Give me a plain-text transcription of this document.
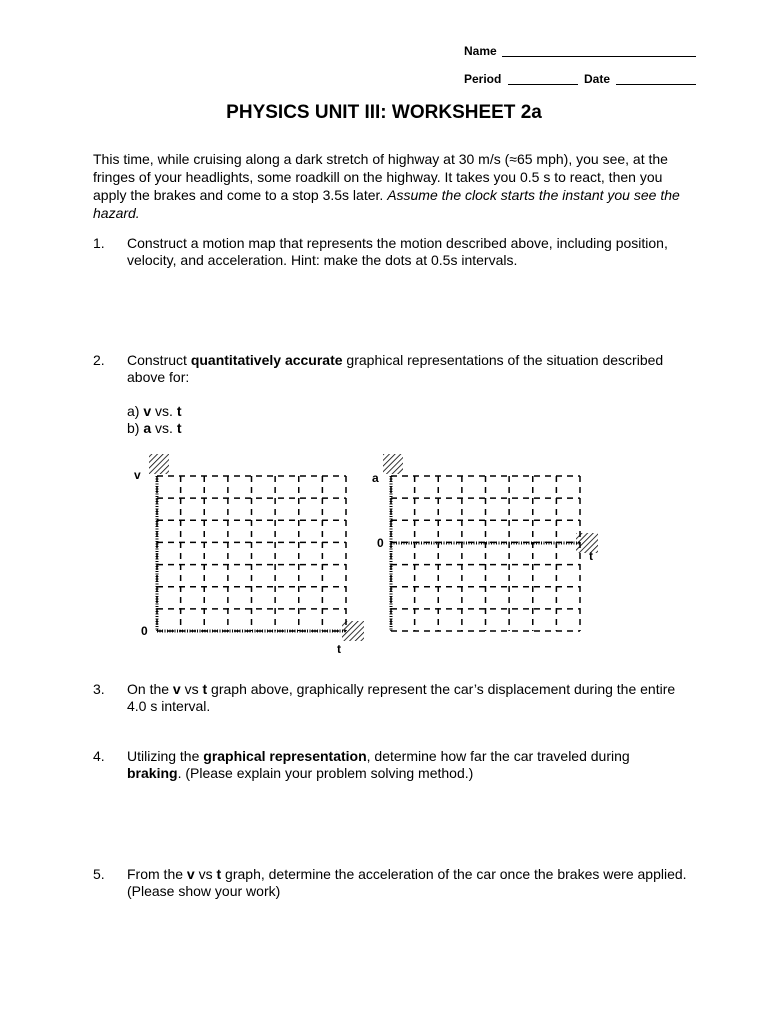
Name
Period	Date
PHYSICS UNIT III: WORKSHEET 2a
This time, while cruising along a dark stretch of highway at 30 m/s (≈65 mph), you see, at the fringes of your headlights, some roadkill on the highway. It takes you 0.5 s to react, then you apply the brakes and come to a stop 3.5s later. Assume the clock starts the instant you see the hazard.
1. Construct a motion map that represents the motion described above, including position, velocity, and acceleration. Hint: make the dots at 0.5s intervals.
2. Construct quantitatively accurate graphical representations of the situation described above for:
a) v vs. t
b) a vs. t
v
0
t
a
0
t
3. On the v vs t graph above, graphically represent the car’s displacement during the entire 4.0 s interval.
4. Utilizing the graphical representation, determine how far the car traveled during braking. (Please explain your problem solving method.)
5. From the v vs t graph, determine the acceleration of the car once the brakes were applied. (Please show your work)
